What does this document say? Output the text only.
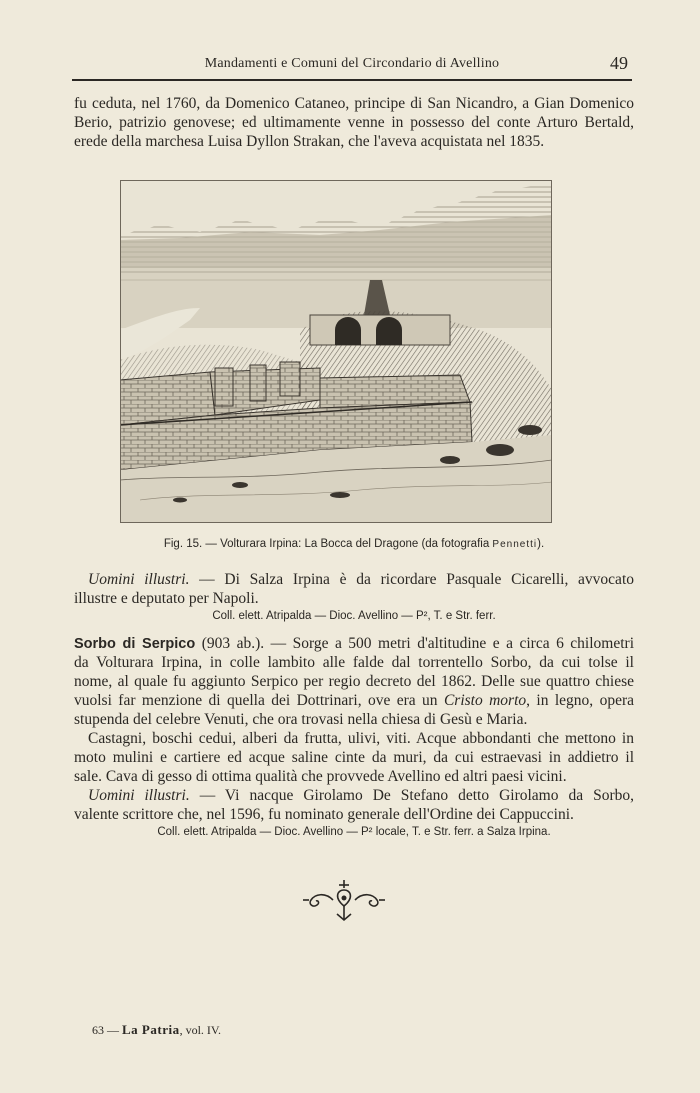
Mandamenti e Comuni del Circondario di Avellino	49

fu ceduta, nel 1760, da Domenico Cataneo, principe di San Nicandro, a Gian Domenico

Berio, patrizio genovese; ed ultimamente venne in possesso del conte Arturo Bertald,

erede della marchesa Luisa Dyllon Strakan, che l'aveva acquistata nel 1835.

Fig. 15. — Volturara Irpina: La Bocca del Dragone (da fotografia Pennetti).

Uomini illustri. — Di Salza Irpina è da ricordare Pasquale Cicarelli, avvocato

illustre e deputato per Napoli.

Coll. elett. Atripalda — Dioc. Avellino — P², T. e Str. ferr.

Sorbo di Serpico (903 ab.). — Sorge a 500 metri d'altitudine e a circa 6 chilometri

da Volturara Irpina, in colle lambito alle falde dal torrentello Sorbo, da cui tolse il

nome, al quale fu aggiunto Serpico per regio decreto del 1862. Delle sue quattro chiese

vuolsi far menzione di quella dei Dottrinari, ove era un Cristo morto, in legno, opera

stupenda del celebre Venuti, che ora trovasi nella chiesa di Gesù e Maria.

Castagni, boschi cedui, alberi da frutta, ulivi, viti. Acque abbondanti che mettono in

moto mulini e cartiere ed acque saline cinte da muri, da cui estraevasi in addietro il

sale. Cava di gesso di ottima qualità che provvede Avellino ed altri paesi vicini.

Uomini illustri. — Vi nacque Girolamo De Stefano detto Girolamo da Sorbo,

valente scrittore che, nel 1596, fu nominato generale dell'Ordine dei Cappuccini.

Coll. elett. Atripalda — Dioc. Avellino — P² locale, T. e Str. ferr. a Salza Irpina.
63 — La Patria, vol. IV.
